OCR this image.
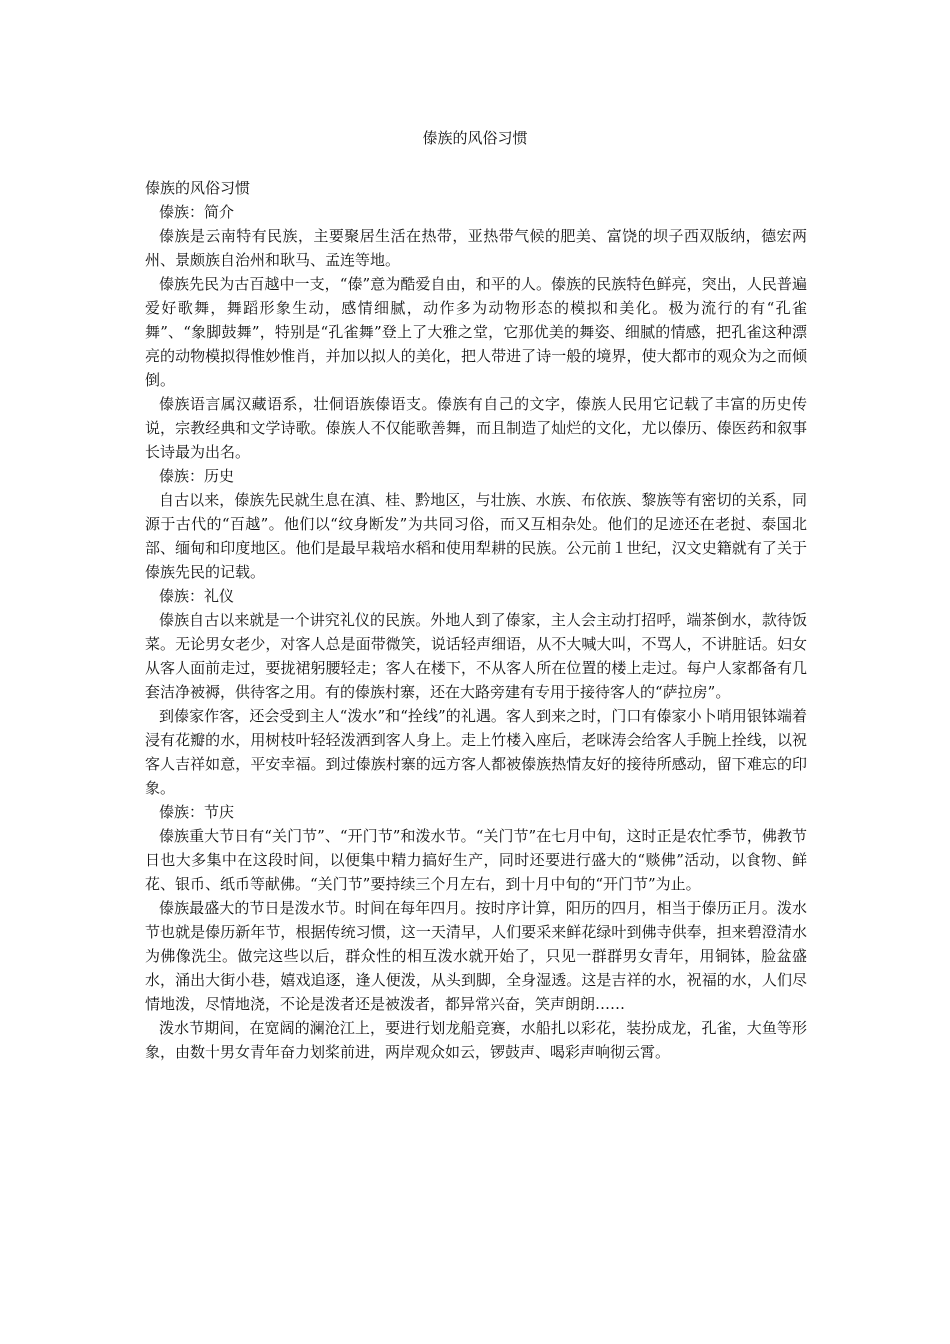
傣族的风俗习惯

傣族的风俗习惯

傣族：简介

傣族是云南特有民族，主要聚居生活在热带，亚热带气候的肥美、富饶的坝子西双版纳，德宏两州、景颇族自治州和耿马、孟连等地。

傣族先民为古百越中一支，“傣”意为酷爱自由，和平的人。傣族的民族特色鲜亮，突出，人民普遍爱好歌舞，舞蹈形象生动，感情细腻，动作多为动物形态的模拟和美化。极为流行的有“孔雀舞”、“象脚鼓舞”，特别是“孔雀舞”登上了大雅之堂，它那优美的舞姿、细腻的情感，把孔雀这种漂亮的动物模拟得惟妙惟肖，并加以拟人的美化，把人带进了诗一般的境界，使大都市的观众为之而倾倒。

傣族语言属汉藏语系，壮侗语族傣语支。傣族有自己的文字，傣族人民用它记载了丰富的历史传说，宗教经典和文学诗歌。傣族人不仅能歌善舞，而且制造了灿烂的文化，尤以傣历、傣医药和叙事长诗最为出名。

傣族：历史

自古以来，傣族先民就生息在滇、桂、黔地区，与壮族、水族、布依族、黎族等有密切的关系，同源于古代的“百越”。他们以“纹身断发”为共同习俗，而又互相杂处。他们的足迹还在老挝、泰国北部、缅甸和印度地区。他们是最早栽培水稻和使用犁耕的民族。公元前１世纪，汉文史籍就有了关于傣族先民的记载。

傣族：礼仪

傣族自古以来就是一个讲究礼仪的民族。外地人到了傣家，主人会主动打招呼，端茶倒水，款待饭菜。无论男女老少，对客人总是面带微笑，说话轻声细语，从不大喊大叫，不骂人，不讲脏话。妇女从客人面前走过，要拢裙躬腰轻走；客人在楼下，不从客人所在位置的楼上走过。每户人家都备有几套洁净被褥，供待客之用。有的傣族村寨，还在大路旁建有专用于接待客人的“萨拉房”。

到傣家作客，还会受到主人“泼水”和“拴线”的礼遇。客人到来之时，门口有傣家小卜哨用银钵端着浸有花瓣的水，用树枝叶轻轻泼洒到客人身上。走上竹楼入座后，老咪涛会给客人手腕上拴线，以祝客人吉祥如意，平安幸福。到过傣族村寨的远方客人都被傣族热情友好的接待所感动，留下难忘的印象。

傣族：节庆

傣族重大节日有“关门节”、“开门节”和泼水节。“关门节”在七月中旬，这时正是农忙季节，佛教节日也大多集中在这段时间，以便集中精力搞好生产，同时还要进行盛大的“赕佛”活动，以食物、鲜花、银币、纸币等献佛。“关门节”要持续三个月左右，到十月中旬的“开门节”为止。

傣族最盛大的节日是泼水节。时间在每年四月。按时序计算，阳历的四月，相当于傣历正月。泼水节也就是傣历新年节，根据传统习惯，这一天清早，人们要采来鲜花绿叶到佛寺供奉，担来碧澄清水为佛像洗尘。做完这些以后，群众性的相互泼水就开始了，只见一群群男女青年，用铜钵，脸盆盛水，涌出大街小巷，嬉戏追逐，逢人便泼，从头到脚，全身湿透。这是吉祥的水，祝福的水，人们尽情地泼，尽情地浇，不论是泼者还是被泼者，都异常兴奋，笑声朗朗……

泼水节期间，在宽阔的澜沧江上，要进行划龙船竞赛，水船扎以彩花，装扮成龙，孔雀，大鱼等形象，由数十男女青年奋力划桨前进，两岸观众如云，锣鼓声、喝彩声响彻云霄。
